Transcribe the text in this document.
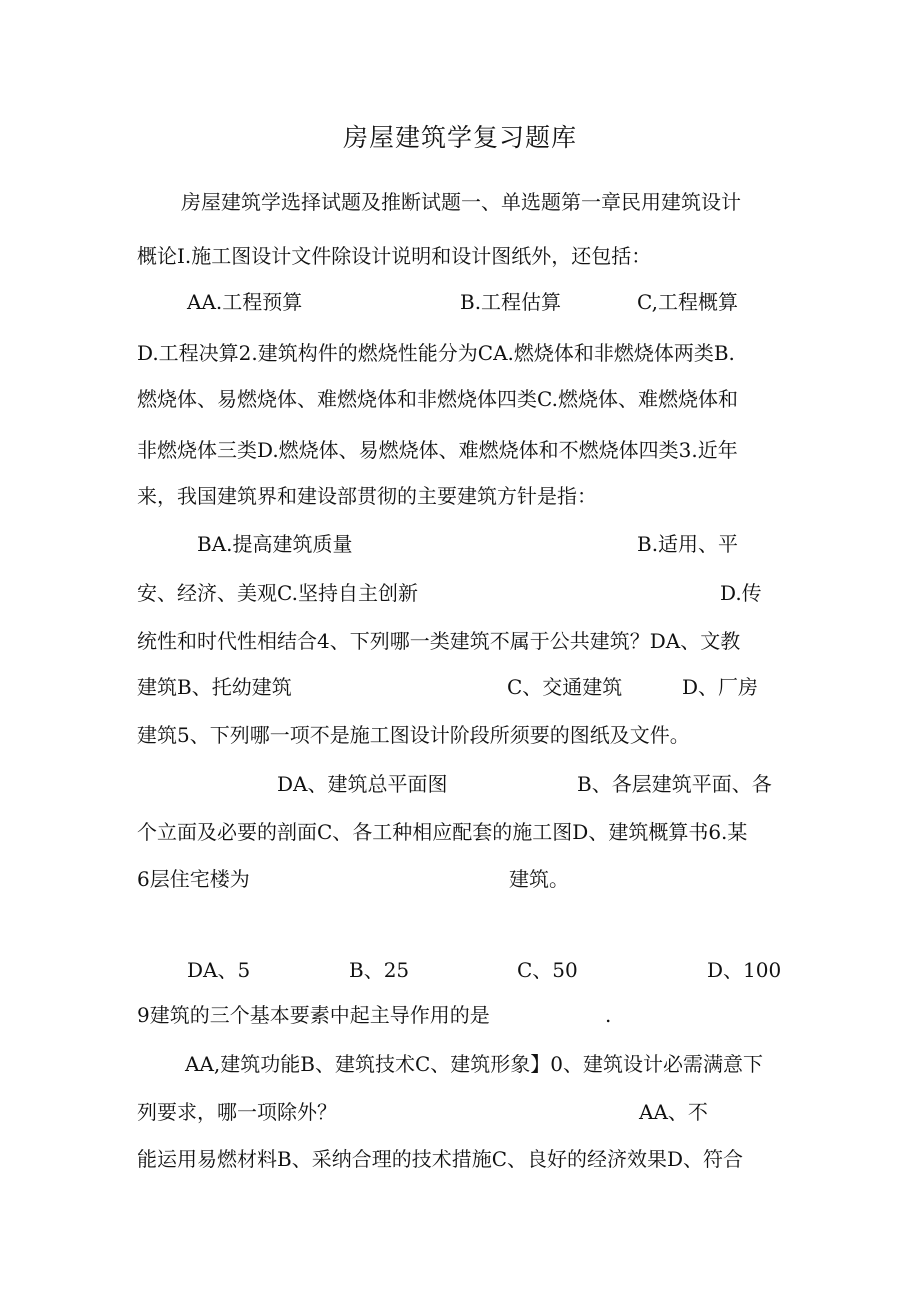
房屋建筑学复习题库
房屋建筑学选择试题及推断试题一、单选题第一章民用建筑设计
概论I.施工图设计文件除设计说明和设计图纸外，还包括：
AA.工程预算	B.工程估算	C,工程概算
D.工程决算2.建筑构件的燃烧性能分为CA.燃烧体和非燃烧体两类B.
燃烧体、易燃烧体、难燃烧体和非燃烧体四类C.燃烧体、难燃烧体和
非燃烧体三类D.燃烧体、易燃烧体、难燃烧体和不燃烧体四类3.近年
来，我国建筑界和建设部贯彻的主要建筑方针是指：
BA.提高建筑质量	B.适用、平
安、经济、美观C.坚持自主创新	D.传
统性和时代性相结合4、下列哪一类建筑不属于公共建筑？DA、文教
建筑B、托幼建筑	C、交通建筑	D、厂房
建筑5、下列哪一项不是施工图设计阶段所须要的图纸及文件。
DA、建筑总平面图	B、各层建筑平面、各
个立面及必要的剖面C、各工种相应配套的施工图D、建筑概算书6.某
6层住宅楼为	建筑。
DA、5	B、25	C、50	D、100
9建筑的三个基本要素中起主导作用的是	.
AA,建筑功能B、建筑技术C、建筑形象】0、建筑设计必需满意下
列要求，哪一项除外？	AA、不
能运用易燃材料B、采纳合理的技术措施C、良好的经济效果D、符合
